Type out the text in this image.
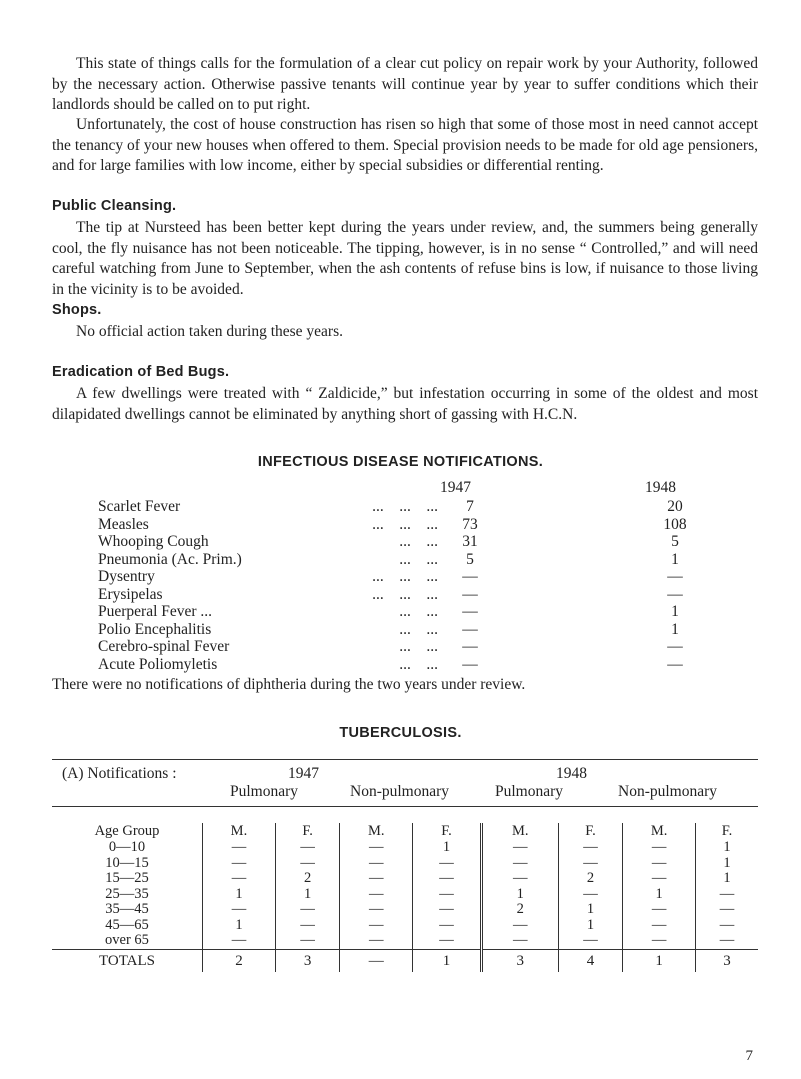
This state of things calls for the formulation of a clear cut policy on repair work by your Authority, followed by the necessary action. Otherwise passive tenants will continue year by year to suffer conditions which their landlords should be called on to put right.

Unfortunately, the cost of house construction has risen so high that some of those most in need cannot accept the tenancy of your new houses when offered to them. Special provision needs to be made for old age pensioners, and for large families with low income, either by special subsidies or differential renting.

Public Cleansing.

The tip at Nursteed has been better kept during the years under review, and, the summers being generally cool, the fly nuisance has not been noticeable. The tipping, however, is in no sense “ Controlled,” and will need careful watching from June to September, when the ash contents of refuse bins is low, if nuisance to those living in the vicinity is to be avoided.

Shops.

No official action taken during these years.

Eradication of Bed Bugs.

A few dwellings were treated with “ Zaldicide,” but infestation occurring in some of the oldest and most dilapidated dwellings cannot be eliminated by anything short of gassing with H.C.N.

INFECTIOUS DISEASE NOTIFICATIONS.
1947	1948
Scarlet Fever	...    ...    ...	7	20
Measles	...    ...    ...	73	108
Whooping Cough	...    ...	31	5
Pneumonia (Ac. Prim.)	...    ...	5	1
Dysentry	...    ...    ...	—	—
Erysipelas	...    ...    ...	—	—
Puerperal Fever ...	...    ...	—	1
Polio Encephalitis	...    ...	—	1
Cerebro-spinal Fever	...    ...	—	—
Acute Poliomyletis	...    ...	—	—

There were no notifications of diphtheria during the two years under review.

TUBERCULOSIS.
(A) Notifications :	1947	1948
Pulmonary	Non-pulmonary	Pulmonary	Non-pulmonary
Age Group	M.	F.	M.	F.	M.	F.	M.	F.
0—10	—	—	—	1	—	—	—	1
10—15	—	—	—	—	—	—	—	1
15—25	—	2	—	—	—	2	—	1
25—35	1	1	—	—	1	—	1	—
35—45	—	—	—	—	2	1	—	—
45—65	1	—	—	—	—	1	—	—
over 65	—	—	—	—	—	—	—	—
TOTALS	2	3	—	1	3	4	1	3
7
